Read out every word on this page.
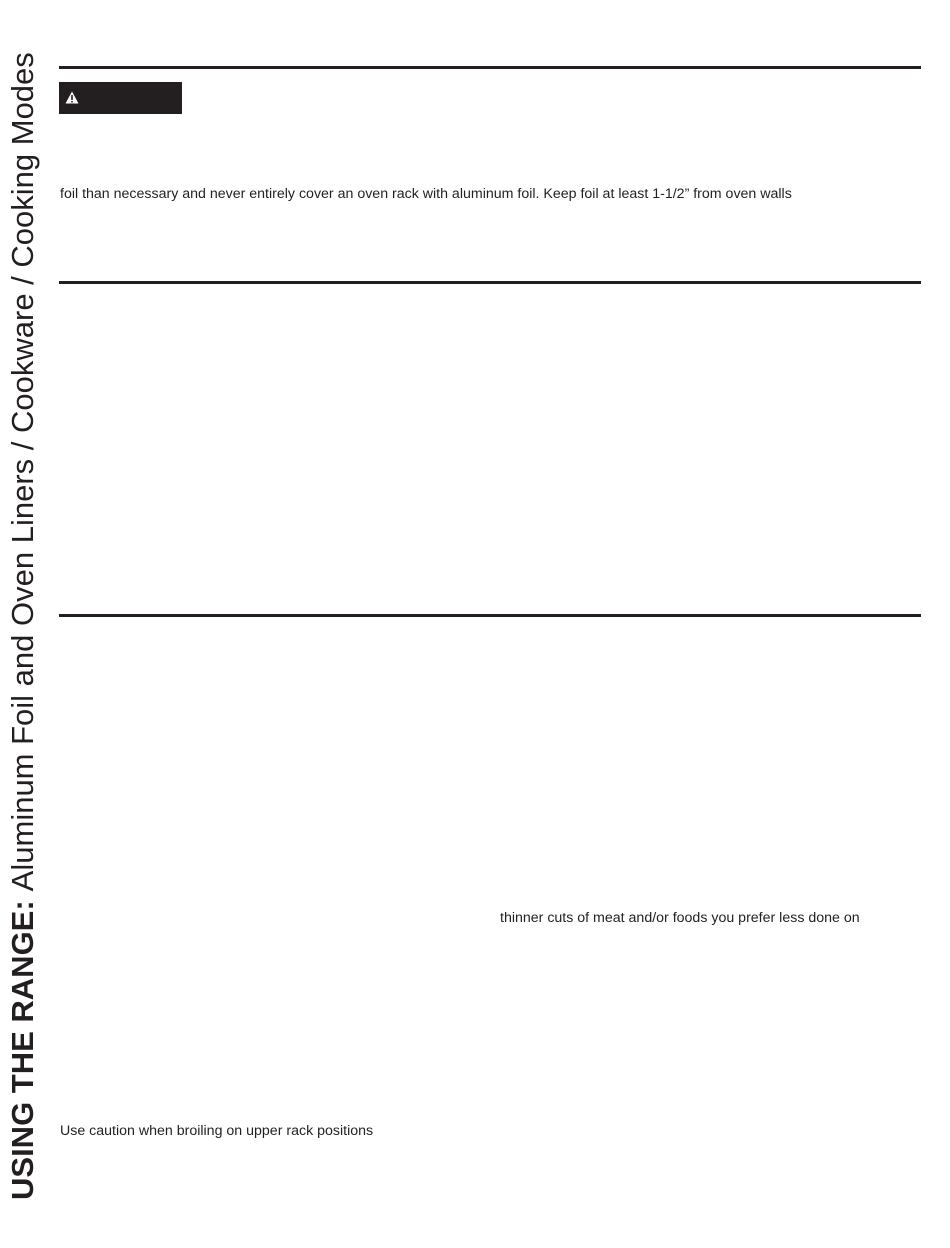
USING THE RANGE:
Aluminum Foil and Oven Liners / Cookware / Cooking Modes foil than necessary and never entirely cover an oven rack with aluminum foil. Keep foil at least 1-1/2” from oven walls
thinner cuts of meat and/or foods you prefer less done on
Use caution when broiling on upper rack positions
